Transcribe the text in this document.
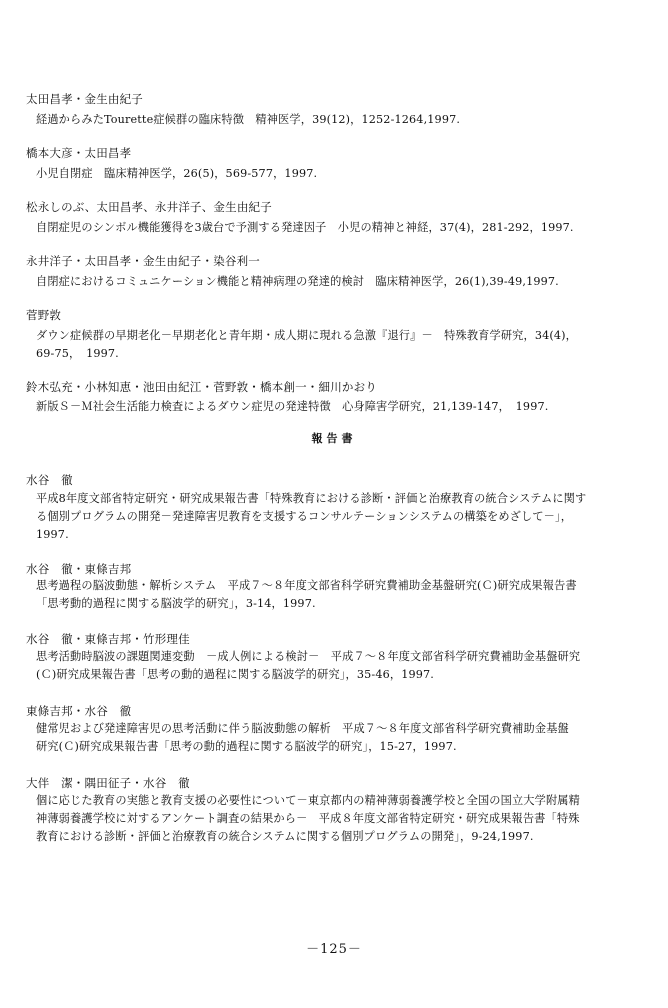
太田昌孝・金生由紀子
経過からみたTourette症候群の臨床特徴　精神医学，39(12)，1252-1264,1997.
橋本大彦・太田昌孝
小児自閉症　臨床精神医学，26(5)，569-577，1997.
松永しのぶ、太田昌孝、永井洋子、金生由紀子
自閉症児のシンボル機能獲得を3歳台で予測する発達因子　小児の精神と神経，37(4)，281-292，1997.
永井洋子・太田昌孝・金生由紀子・染谷利一
自閉症におけるコミュニケーション機能と精神病理の発達的検討　臨床精神医学，26(1),39-49,1997.
菅野敦
ダウン症候群の早期老化－早期老化と青年期・成人期に現れる急激『退行』－　特殊教育学研究，34(4)，
69-75，　1997.
鈴木弘充・小林知恵・池田由紀江・菅野敦・橋本創一・細川かおり
新版Ｓ－Ｍ社会生活能力検査によるダウン症児の発達特徴　心身障害学研究，21,139-147，　1997.
報告書
水谷　徹
平成8年度文部省特定研究・研究成果報告書「特殊教育における診断・評価と治療教育の統合システムに関す
る個別プログラムの開発－発達障害児教育を支援するコンサルテーションシステムの構築をめざして－」，
1997.
水谷　徹・東條吉邦
思考過程の脳波動態・解析システム　平成７～８年度文部省科学研究費補助金基盤研究(Ｃ)研究成果報告書
「思考動的過程に関する脳波学的研究」，3-14，1997.
水谷　徹・東條吉邦・竹形理佳
思考活動時脳波の課題関連変動　－成人例による検討－　平成７～８年度文部省科学研究費補助金基盤研究
(Ｃ)研究成果報告書「思考の動的過程に関する脳波学的研究」，35-46，1997.
東條吉邦・水谷　徹
健常児および発達障害児の思考活動に伴う脳波動態の解析　平成７～８年度文部省科学研究費補助金基盤
研究(Ｃ)研究成果報告書「思考の動的過程に関する脳波学的研究」，15-27，1997.
大伴　潔・隅田征子・水谷　徹
個に応じた教育の実態と教育支援の必要性について－東京都内の精神薄弱養護学校と全国の国立大学附属精
神薄弱養護学校に対するアンケート調査の結果から－　平成８年度文部省特定研究・研究成果報告書「特殊
教育における診断・評価と治療教育の統合システムに関する個別プログラムの開発」，9-24,1997.
－125－
